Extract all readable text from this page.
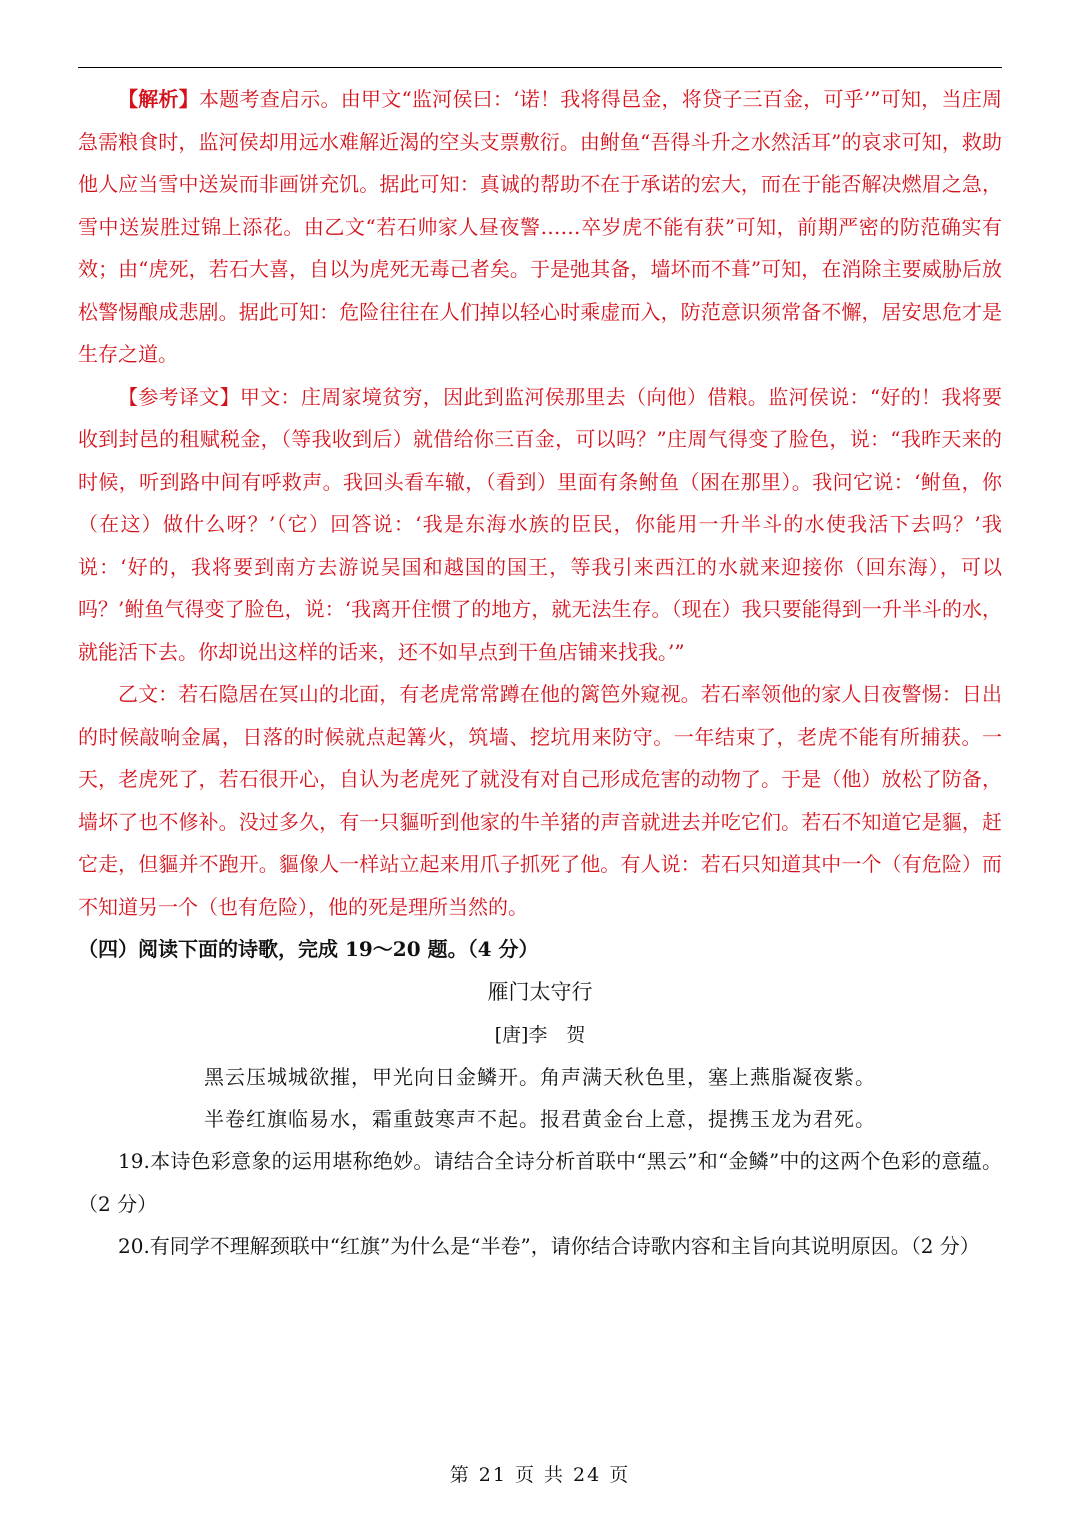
【解析】本题考查启示。由甲文“监河侯曰：‘诺！我将得邑金，将贷子三百金，可乎’”可知，当庄周急需粮食时，监河侯却用远水难解近渴的空头支票敷衍。由鲋鱼“吾得斗升之水然活耳”的哀求可知，救助他人应当雪中送炭而非画饼充饥。据此可知：真诚的帮助不在于承诺的宏大，而在于能否解决燃眉之急，雪中送炭胜过锦上添花。由乙文“若石帅家人昼夜警……卒岁虎不能有获”可知，前期严密的防范确实有效；由“虎死，若石大喜，自以为虎死无毒己者矣。于是弛其备，墙坏而不葺”可知，在消除主要威胁后放松警惕酿成悲剧。据此可知：危险往往在人们掉以轻心时乘虚而入，防范意识须常备不懈，居安思危才是生存之道。

【参考译文】甲文：庄周家境贫穷，因此到监河侯那里去（向他）借粮。监河侯说：“好的！我将要收到封邑的租赋税金，（等我收到后）就借给你三百金，可以吗？”庄周气得变了脸色，说：“我昨天来的时候，听到路中间有呼救声。我回头看车辙，（看到）里面有条鲋鱼（困在那里）。我问它说：‘鲋鱼，你（在这）做什么呀？’（它）回答说：‘我是东海水族的臣民，你能用一升半斗的水使我活下去吗？’我说：‘好的，我将要到南方去游说吴国和越国的国王，等我引来西江的水就来迎接你（回东海），可以吗？’鲋鱼气得变了脸色，说：‘我离开住惯了的地方，就无法生存。（现在）我只要能得到一升半斗的水，就能活下去。你却说出这样的话来，还不如早点到干鱼店铺来找我。’”

乙文：若石隐居在冥山的北面，有老虎常常蹲在他的篱笆外窥视。若石率领他的家人日夜警惕：日出的时候敲响金属，日落的时候就点起篝火，筑墙、挖坑用来防守。一年结束了，老虎不能有所捕获。一天，老虎死了，若石很开心，自认为老虎死了就没有对自己形成危害的动物了。于是（他）放松了防备，墙坏了也不修补。没过多久，有一只貙听到他家的牛羊猪的声音就进去并吃它们。若石不知道它是貙，赶它走，但貙并不跑开。貙像人一样站立起来用爪子抓死了他。有人说：若石只知道其中一个（有危险）而不知道另一个（也有危险），他的死是理所当然的。

（四）阅读下面的诗歌，完成 19～20 题。（4 分）

雁门太守行

[唐]李　贺

黑云压城城欲摧，甲光向日金鳞开。角声满天秋色里，塞上燕脂凝夜紫。

半卷红旗临易水，霜重鼓寒声不起。报君黄金台上意，提携玉龙为君死。

19.本诗色彩意象的运用堪称绝妙。请结合全诗分析首联中“黑云”和“金鳞”中的这两个色彩的意蕴。（2 分）

20.有同学不理解颈联中“红旗”为什么是“半卷”，请你结合诗歌内容和主旨向其说明原因。（2 分）

第 21 页 共 24 页
